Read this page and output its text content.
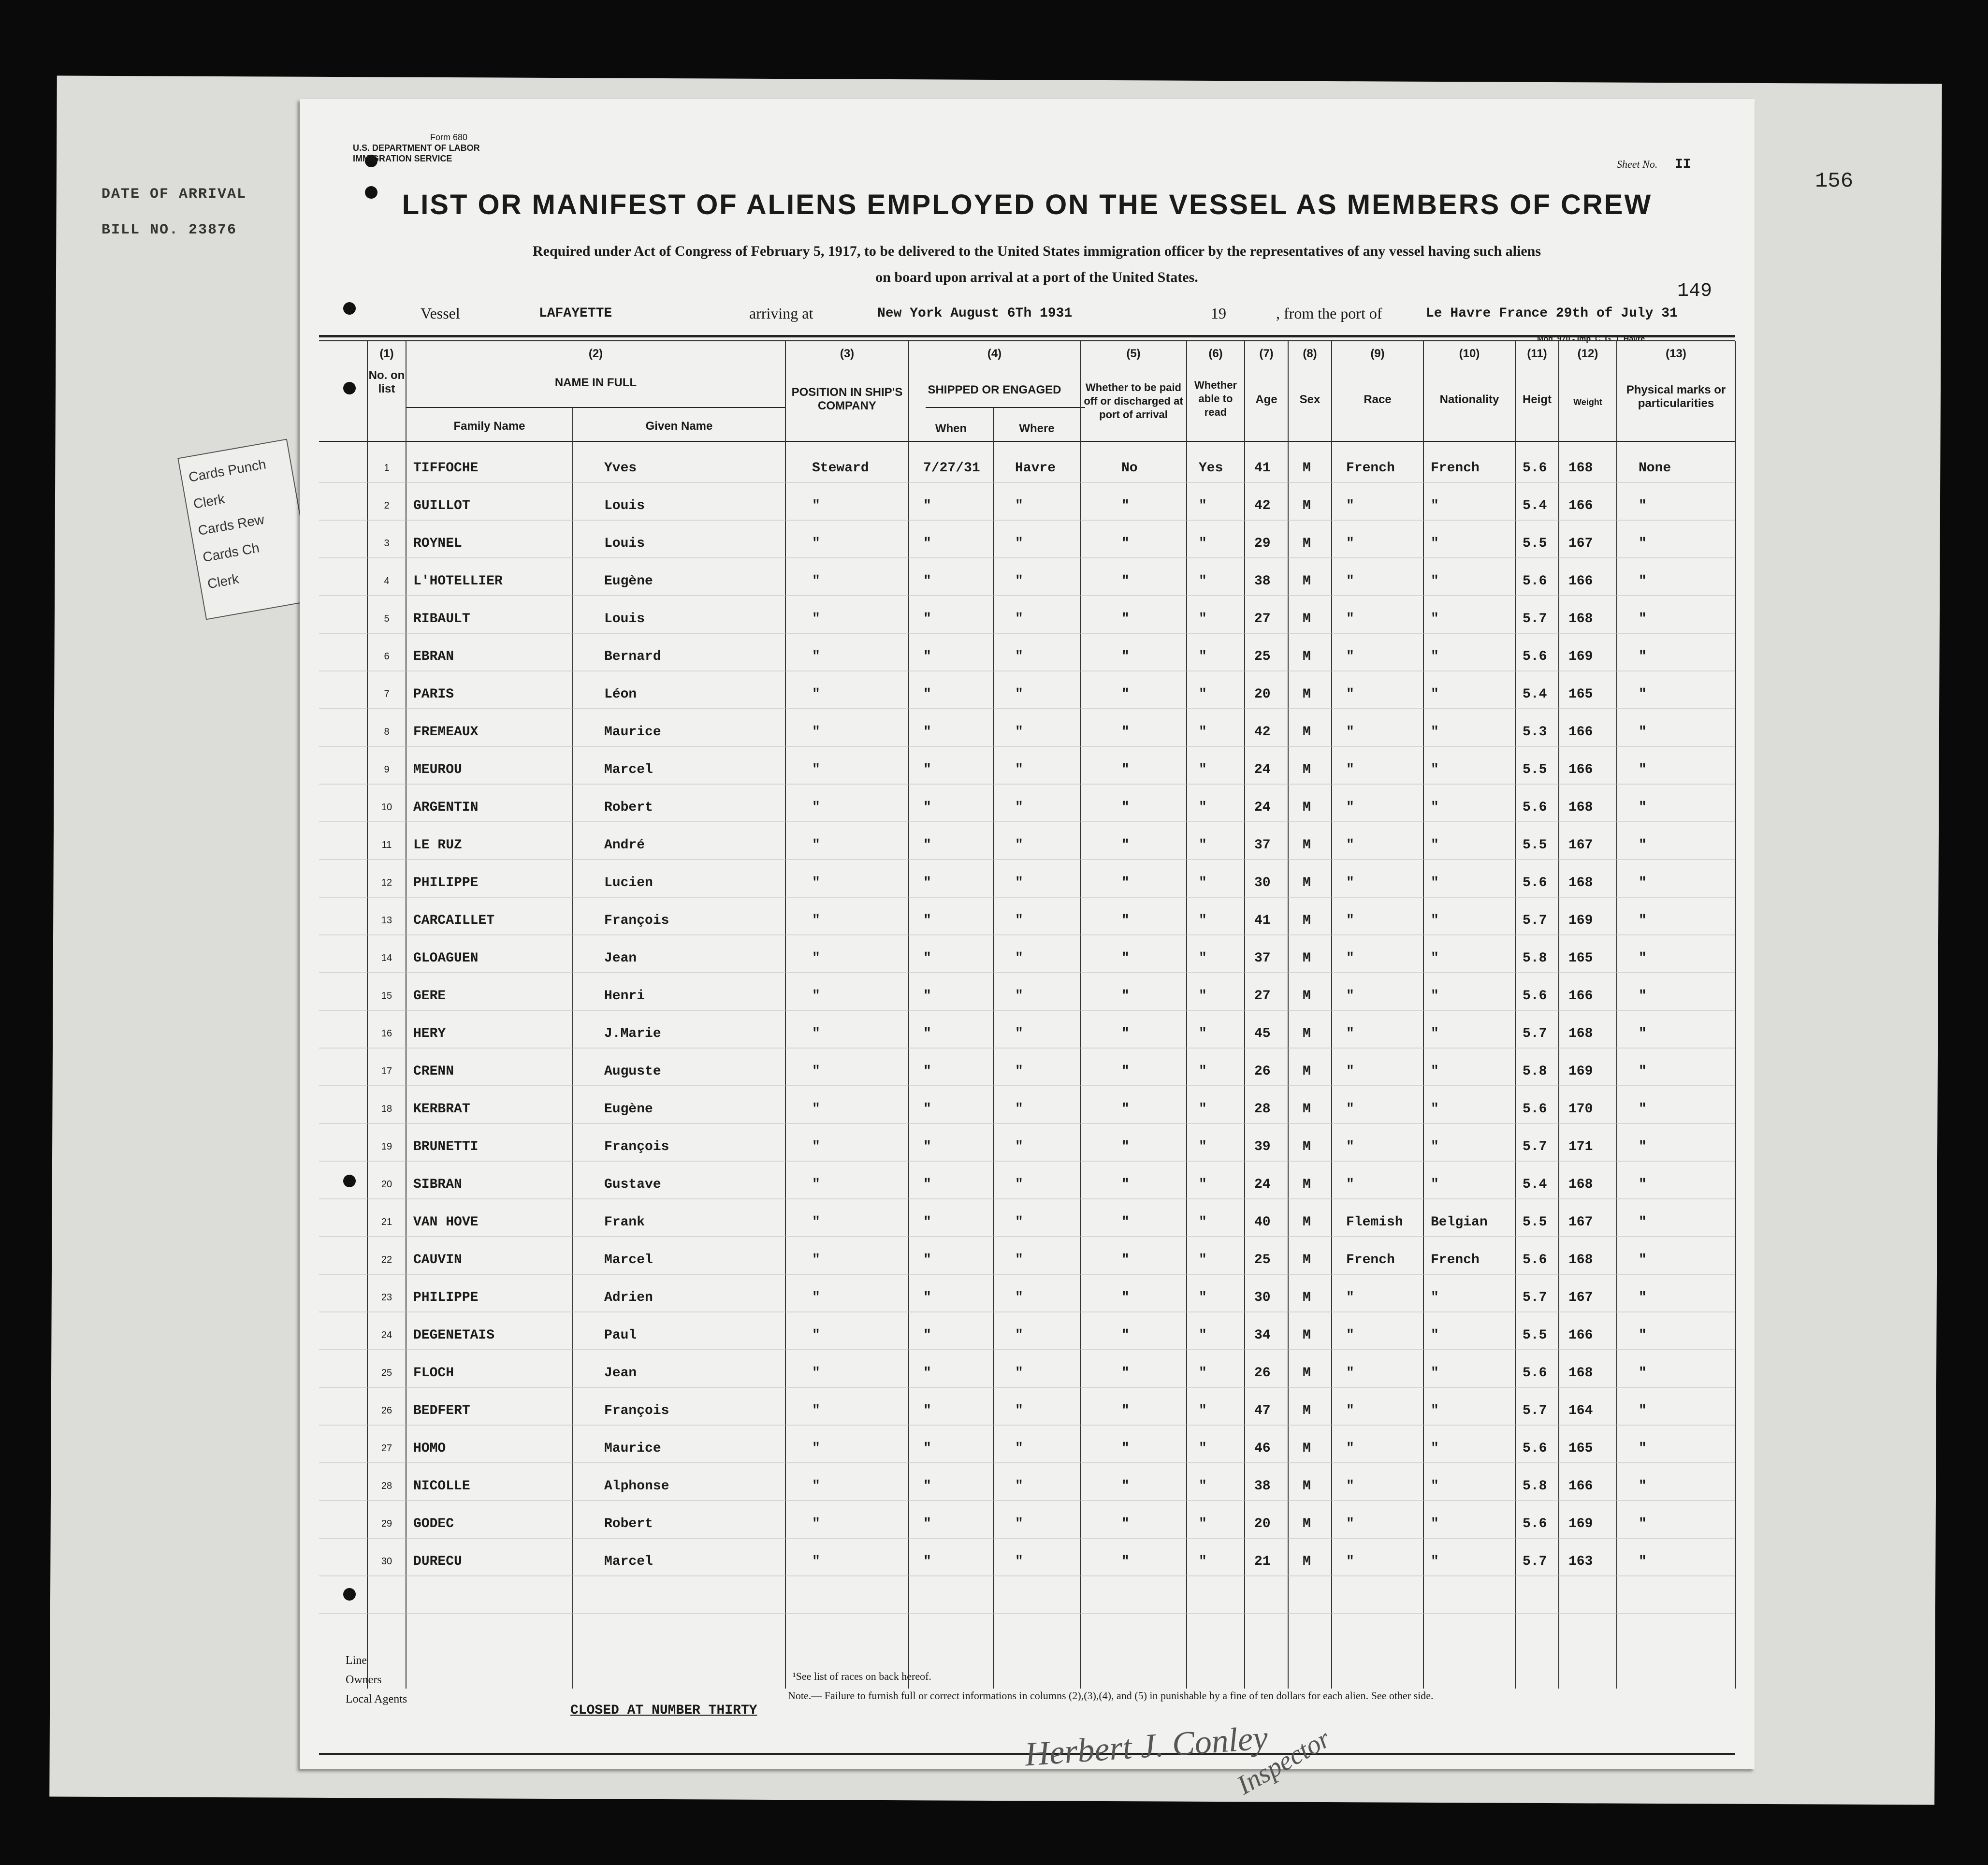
DATE OF ARRIVAL
BILL NO. 23876
Cards Punch
Clerk
Cards Rew
Cards Ch
Clerk
156
Form 680
U.S. DEPARTMENT OF LABOR
IMMIGRATION SERVICE	Sheet No. II
LIST OR MANIFEST OF ALIENS EMPLOYED ON THE VESSEL AS MEMBERS OF CREW
Required under Act of Congress of February 5, 1917, to be delivered to the United States immigration officer by the representatives of any vessel having such aliens
on board upon arrival at a port of the United States.
149
Vessel	LAFAYETTE	arriving at	New York August 6Th 1931	19	, from the port of	Le Havre France 29th of July 31
Mod. 970 - Imp. C. G. T. Havre
(1)
No. on list
(2)
NAME IN FULL
Family Name	Given Name
(3)
POSITION IN SHIP'S COMPANY
(4)
SHIPPED OR ENGAGED
When	Where
(5)
Whether to be paid off or discharged at port of arrival
(6)
Whether able to read
(7)
Age
(8)
Sex
(9)
Race
(10)
Nationality
(11)
Heigt
(12)
Weight
(13)
Physical marks or particularities
1	TIFFOCHE	Yves	Steward	7/27/31	Havre	No	Yes 41 M	French	French	5.6 168	None
2	GUILLOT	Louis	"	"	"	"	"	42 M	"	"	5.4 166	"
3	ROYNEL	Louis	"	"	"	"	"	29 M	"	"	5.5 167	"
4	L'HOTELLIER	Eugène	"	"	"	"	"	38 M	"	"	5.6 166	"
5	RIBAULT	Louis	"	"	"	"	"	27 M	"	"	5.7 168	"
6	EBRAN	Bernard	"	"	"	"	"	25 M	"	"	5.6 169	"
7	PARIS	Léon	"	"	"	"	"	20 M	"	"	5.4 165	"
8	FREMEAUX	Maurice	"	"	"	"	"	42 M	"	"	5.3 166	"
9	MEUROU	Marcel	"	"	"	"	"	24 M	"	"	5.5 166	"
10	ARGENTIN	Robert	"	"	"	"	"	24 M	"	"	5.6 168	"
11	LE RUZ	André	"	"	"	"	"	37 M	"	"	5.5 167	"
12	PHILIPPE	Lucien	"	"	"	"	"	30 M	"	"	5.6 168	"
13	CARCAILLET	François	"	"	"	"	"	41 M	"	"	5.7 169	"
14	GLOAGUEN	Jean	"	"	"	"	"	37 M	"	"	5.8 165	"
15	GERE	Henri	"	"	"	"	"	27 M	"	"	5.6 166	"
16	HERY	J.Marie	"	"	"	"	"	45 M	"	"	5.7 168	"
17	CRENN	Auguste	"	"	"	"	"	26 M	"	"	5.8 169	"
18	KERBRAT	Eugène	"	"	"	"	"	28 M	"	"	5.6 170	"
19	BRUNETTI	François	"	"	"	"	"	39 M	"	"	5.7 171	"
20	SIBRAN	Gustave	"	"	"	"	"	24 M	"	"	5.4 168	"
21	VAN HOVE	Frank	"	"	"	"	"	40 M	Flemish Belgian	5.5 167	"
22	CAUVIN	Marcel	"	"	"	"	"	25 M	French	French	5.6 168	"
23	PHILIPPE	Adrien	"	"	"	"	"	30 M	"	"	5.7 167	"
24	DEGENETAIS	Paul	"	"	"	"	"	34 M	"	"	5.5 166	"
25	FLOCH	Jean	"	"	"	"	"	26 M	"	"	5.6 168	"
26	BEDFERT	François	"	"	"	"	"	47 M	"	"	5.7 164	"
27	HOMO	Maurice	"	"	"	"	"	46 M	"	"	5.6 165	"
28	NICOLLE	Alphonse	"	"	"	"	"	38 M	"	"	5.8 166	"
29	GODEC	Robert	"	"	"	"	"	20 M	"	"	5.6 169	"
30	DURECU	Marcel	"	"	"	"	"	21 M	"	"	5.7 163	"
CLOSED AT NUMBER THIRTY
Herbert J. Conley
Inspector
Line
Owners
Local Agents
¹See list of races on back hereof.
Note.— Failure to furnish full or correct informations in columns (2),(3),(4), and (5) in punishable by a fine of ten dollars for each alien. See other side.
